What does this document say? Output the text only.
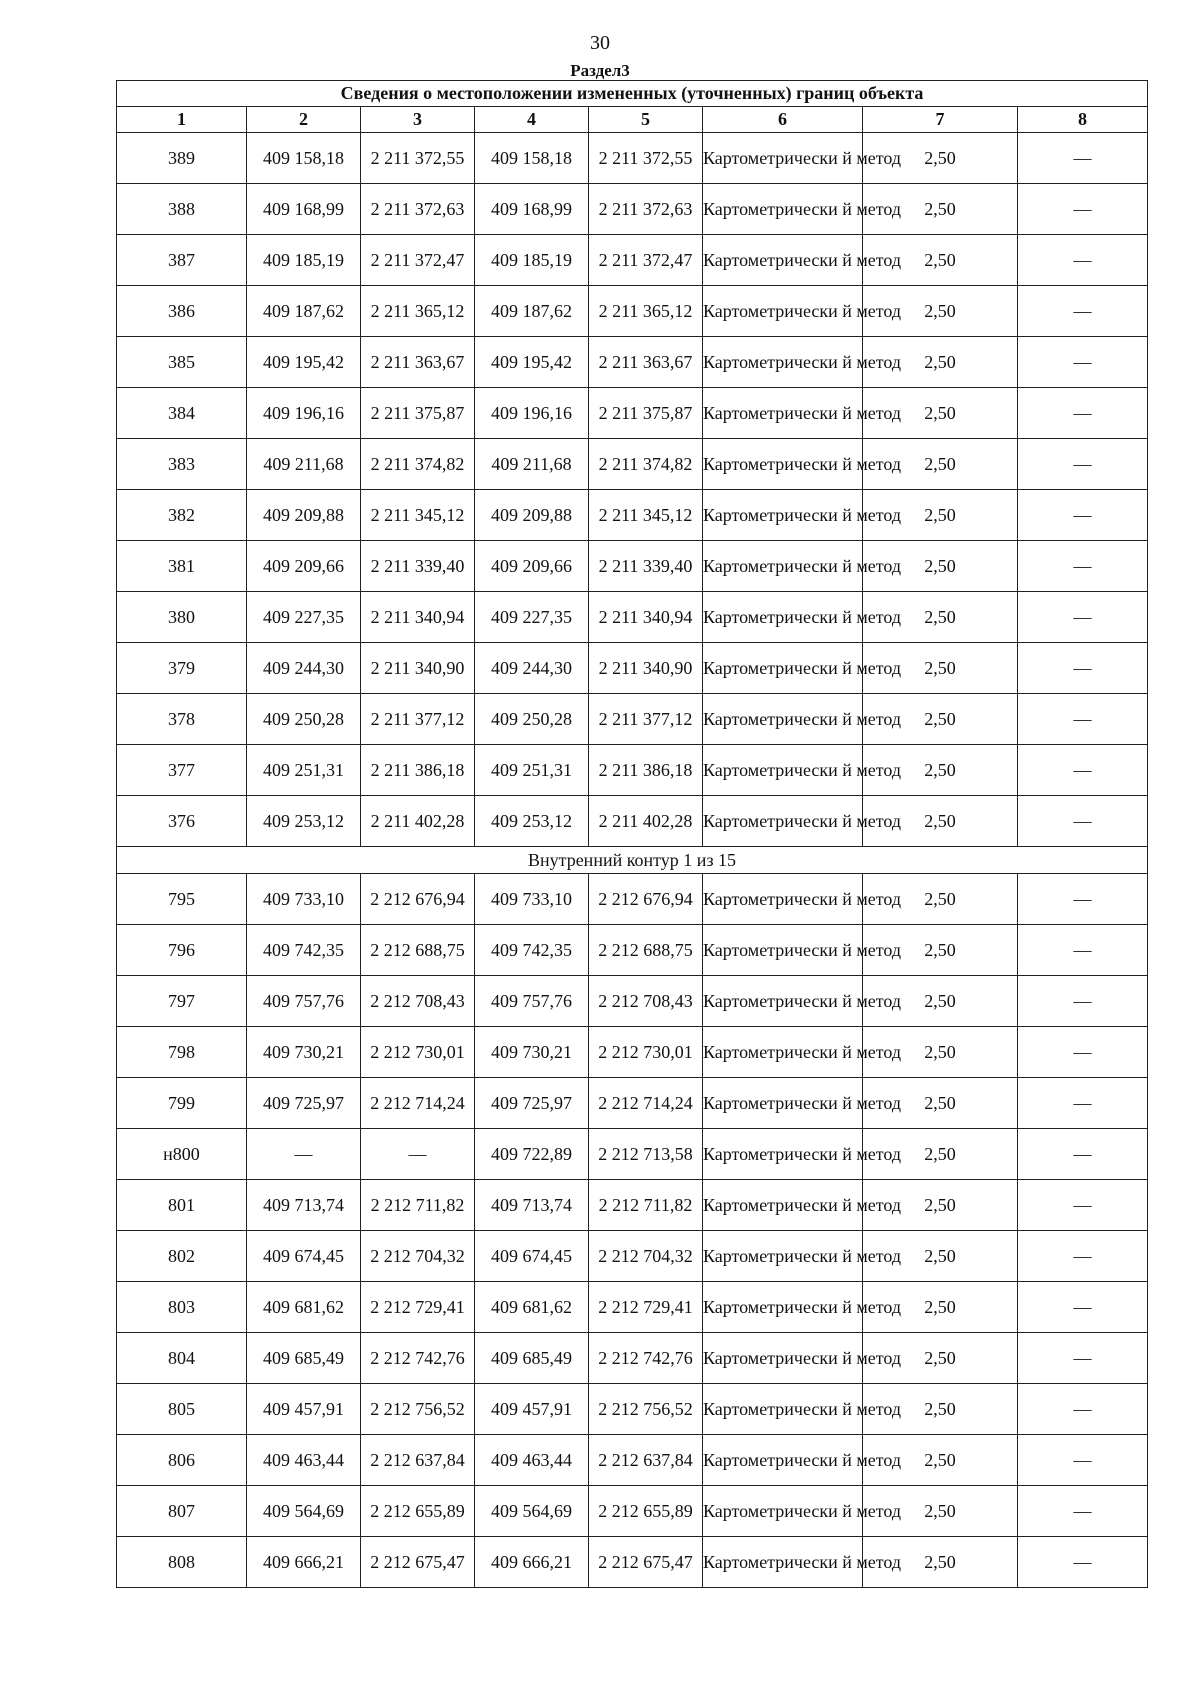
30
Раздел3
Сведения о местоположении измененных (уточненных) границ объекта							
1	2	3	4	5	6	7	8
389	409 158,18	2 211 372,55	409 158,18	2 211 372,55	Картометрически й метод	2,50	—
388	409 168,99	2 211 372,63	409 168,99	2 211 372,63	Картометрически й метод	2,50	—
387	409 185,19	2 211 372,47	409 185,19	2 211 372,47	Картометрически й метод	2,50	—
386	409 187,62	2 211 365,12	409 187,62	2 211 365,12	Картометрически й метод	2,50	—
385	409 195,42	2 211 363,67	409 195,42	2 211 363,67	Картометрически й метод	2,50	—
384	409 196,16	2 211 375,87	409 196,16	2 211 375,87	Картометрически й метод	2,50	—
383	409 211,68	2 211 374,82	409 211,68	2 211 374,82	Картометрически й метод	2,50	—
382	409 209,88	2 211 345,12	409 209,88	2 211 345,12	Картометрически й метод	2,50	—
381	409 209,66	2 211 339,40	409 209,66	2 211 339,40	Картометрически й метод	2,50	—
380	409 227,35	2 211 340,94	409 227,35	2 211 340,94	Картометрически й метод	2,50	—
379	409 244,30	2 211 340,90	409 244,30	2 211 340,90	Картометрически й метод	2,50	—
378	409 250,28	2 211 377,12	409 250,28	2 211 377,12	Картометрически й метод	2,50	—
377	409 251,31	2 211 386,18	409 251,31	2 211 386,18	Картометрически й метод	2,50	—
376	409 253,12	2 211 402,28	409 253,12	2 211 402,28	Картометрически й метод	2,50	—
Внутренний контур 1 из 15							
795	409 733,10	2 212 676,94	409 733,10	2 212 676,94	Картометрически й метод	2,50	—
796	409 742,35	2 212 688,75	409 742,35	2 212 688,75	Картометрически й метод	2,50	—
797	409 757,76	2 212 708,43	409 757,76	2 212 708,43	Картометрически й метод	2,50	—
798	409 730,21	2 212 730,01	409 730,21	2 212 730,01	Картометрически й метод	2,50	—
799	409 725,97	2 212 714,24	409 725,97	2 212 714,24	Картометрически й метод	2,50	—
н800	—	—	409 722,89	2 212 713,58	Картометрически й метод	2,50	—
801	409 713,74	2 212 711,82	409 713,74	2 212 711,82	Картометрически й метод	2,50	—
802	409 674,45	2 212 704,32	409 674,45	2 212 704,32	Картометрически й метод	2,50	—
803	409 681,62	2 212 729,41	409 681,62	2 212 729,41	Картометрически й метод	2,50	—
804	409 685,49	2 212 742,76	409 685,49	2 212 742,76	Картометрически й метод	2,50	—
805	409 457,91	2 212 756,52	409 457,91	2 212 756,52	Картометрически й метод	2,50	—
806	409 463,44	2 212 637,84	409 463,44	2 212 637,84	Картометрически й метод	2,50	—
807	409 564,69	2 212 655,89	409 564,69	2 212 655,89	Картометрически й метод	2,50	—
808	409 666,21	2 212 675,47	409 666,21	2 212 675,47	Картометрически й метод	2,50	—
